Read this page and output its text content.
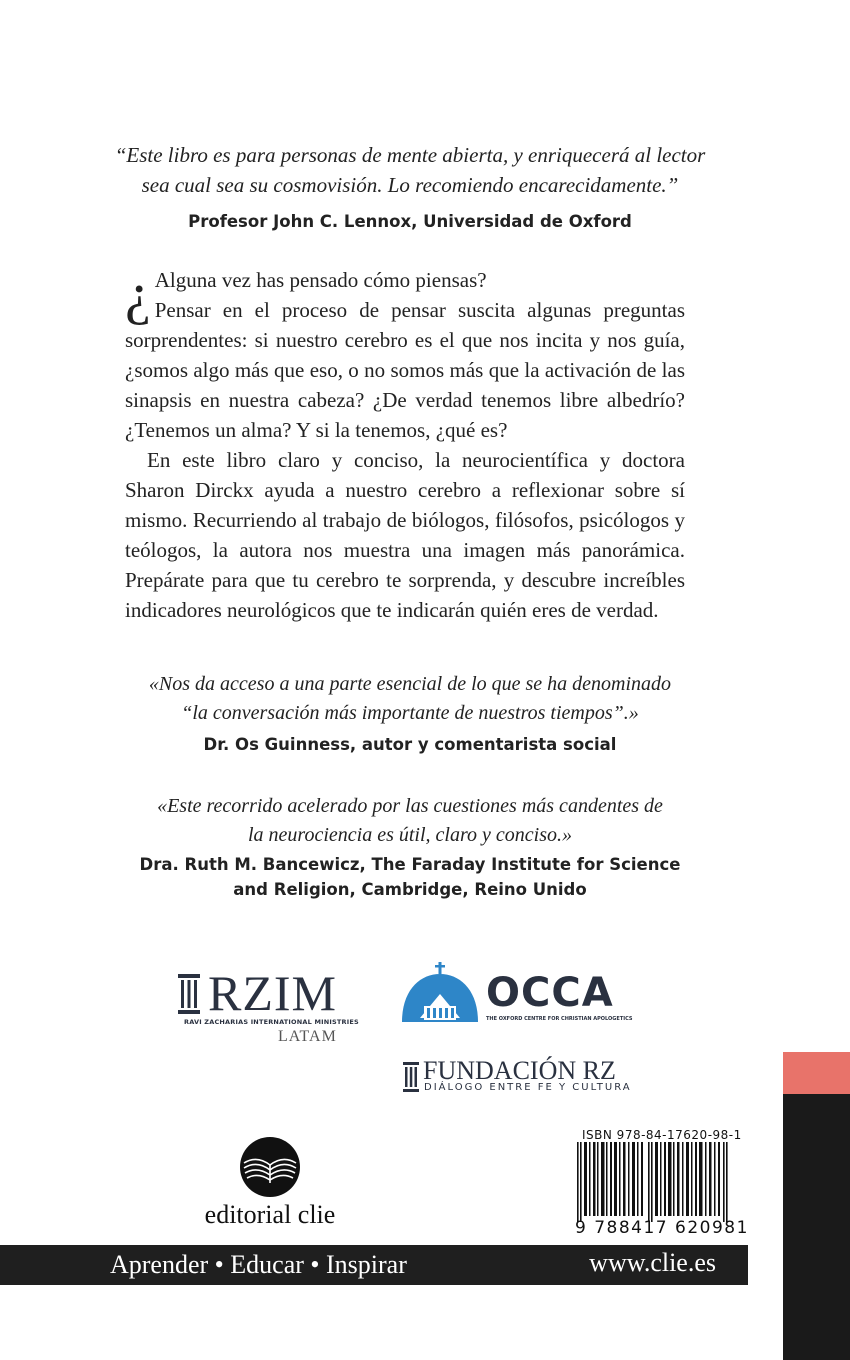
“Este libro es para personas de mente abierta, y enriquecerá al lector
sea cual sea su cosmovisión. Lo recomiendo encarecidamente.”
Profesor John C. Lennox, Universidad de Oxford

¿ Alguna vez has pensado cómo piensas?
Pensar en el proceso de pensar suscita algunas preguntas sorprendentes: si nuestro cerebro es el que nos incita y nos guía, ¿somos algo más que eso, o no somos más que la activación de las sinapsis en nuestra cabeza? ¿De verdad tenemos libre albedrío? ¿Tenemos un alma? Y si la tenemos, ¿qué es?

En este libro claro y conciso, la neurocientífica y doctora Sharon Dirckx ayuda a nuestro cerebro a reflexionar sobre sí mismo. Recurriendo al trabajo de biólogos, filósofos, psicólogos y teólogos, la autora nos muestra una imagen más panorámica. Prepárate para que tu cerebro te sorprenda, y descubre increíbles indicadores neurológicos que te indicarán quién eres de verdad.

«Nos da acceso a una parte esencial de lo que se ha denominado
“la conversación más importante de nuestros tiempos”.»
Dr. Os Guinness, autor y comentarista social
«Este recorrido acelerado por las cuestiones más candentes de
la neurociencia es útil, claro y conciso.»
Dra. Ruth M. Bancewicz, The Faraday Institute for Science
and Religion, Cambridge, Reino Unido
RZIM
RAVI ZACHARIAS INTERNATIONAL MINISTRIES
LATAM
OCCA
THE OXFORD CENTRE FOR CHRISTIAN APOLOGETICS
FUNDACIÓN RZ
DIÁLOGO ENTRE FE Y CULTURA
ISBN 978-84-17620-98-1
9 788417 620981
editorial clie
Aprender • Educar • Inspirar	www.clie.es
